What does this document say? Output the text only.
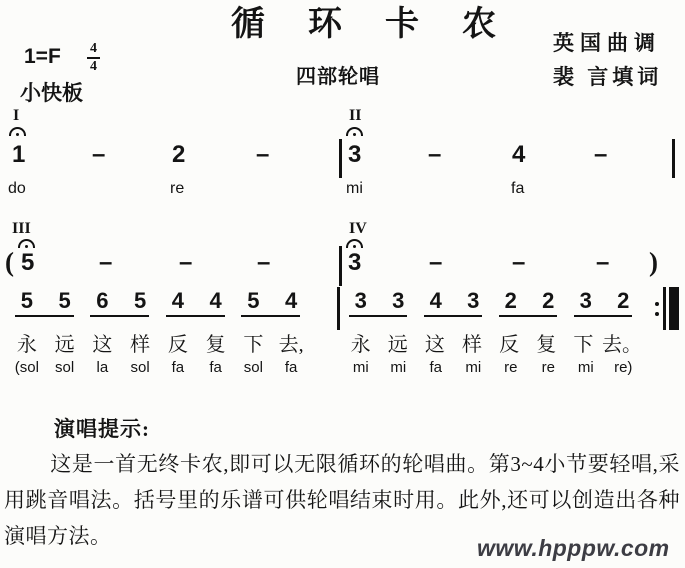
循环卡农 英国曲调
$1=F \frac{4}{4}$
四部轮唱	裴 言填词
小快板
I	II
1	–	2	–	3	–	4	–
do	re	mi	fa
III	IV
( 5	–	–	–	3	–	–	– )
5	5	6	5	4	4	5	4
永 远 这 样 反 复 下 去,
(sol	sol	la	sol	fa	fa	sol	fa
3	3	4	3	2	2	3	2
永 远 这 样 反 复 下 去。
mi	mi	fa	mi	re	re	mi	re)
演唱提示:
这是一首无终卡农,即可以无限循环的轮唱曲。第3~4小节要轻唱,采用跳音唱法。括号里的乐谱可供轮唱结束时用。此外,还可以创造出各种演唱方法。	www.hpppw.com
